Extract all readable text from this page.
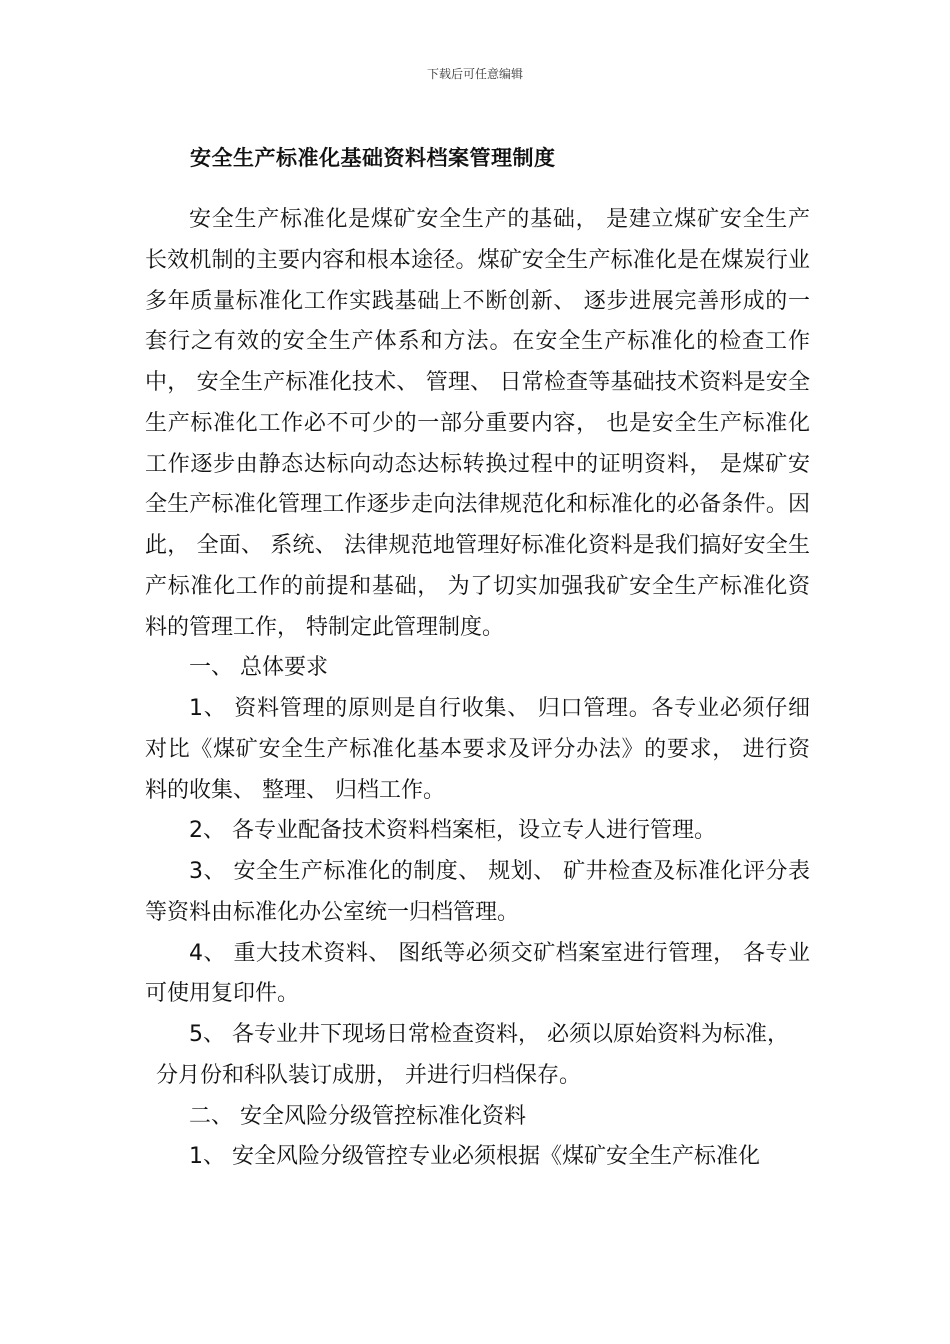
下载后可任意编辑
安全生产标准化基础资料档案管理制度

安全生产标准化是煤矿安全生产的基础， 是建立煤矿安全生产长效机制的主要内容和根本途径。煤矿安全生产标准化是在煤炭行业多年质量标准化工作实践基础上不断创新、 逐步进展完善形成的一套行之有效的安全生产体系和方法。在安全生产标准化的检查工作中， 安全生产标准化技术、 管理、 日常检查等基础技术资料是安全生产标准化工作必不可少的一部分重要内容， 也是安全生产标准化工作逐步由静态达标向动态达标转换过程中的证明资料， 是煤矿安全生产标准化管理工作逐步走向法律规范化和标准化的必备条件。因此， 全面、 系统、 法律规范地管理好标准化资料是我们搞好安全生产标准化工作的前提和基础， 为了切实加强我矿安全生产标准化资料的管理工作， 特制定此管理制度。

一、 总体要求

1、 资料管理的原则是自行收集、 归口管理。各专业必须仔细对比《煤矿安全生产标准化基本要求及评分办法》的要求， 进行资料的收集、 整理、 归档工作。

2、 各专业配备技术资料档案柜，设立专人进行管理。

3、 安全生产标准化的制度、 规划、 矿井检查及标准化评分表等资料由标准化办公室统一归档管理。

4、 重大技术资料、 图纸等必须交矿档案室进行管理， 各专业可使用复印件。

5、 各专业井下现场日常检查资料， 必须以原始资料为标准，

分月份和科队装订成册， 并进行归档保存。

二、 安全风险分级管控标准化资料

1、 安全风险分级管控专业必须根据《煤矿安全生产标准化
